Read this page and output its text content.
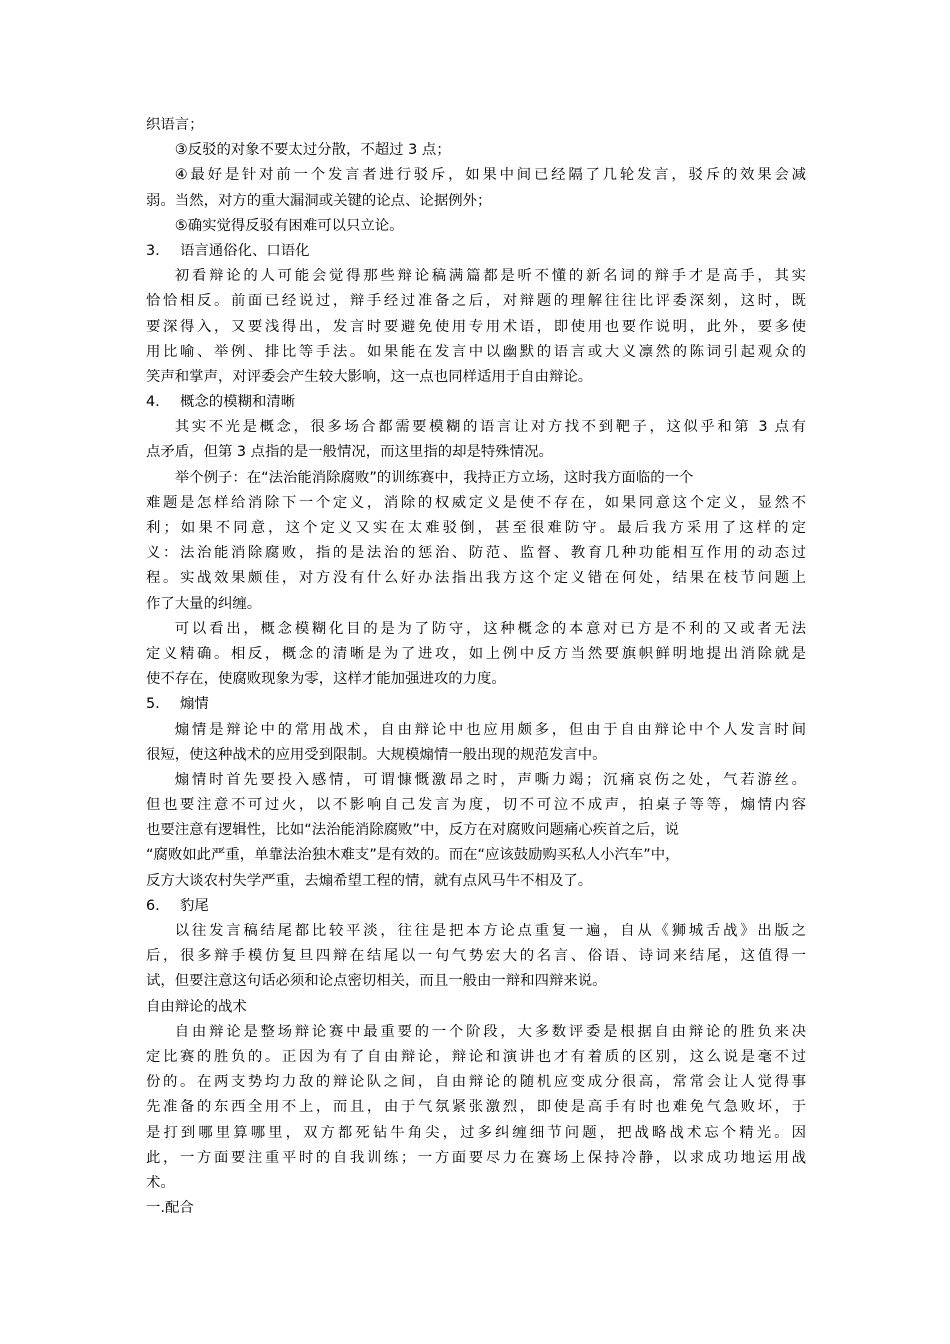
织语言；

③反驳的对象不要太过分散，不超过 3 点；

④最好是针对前一个发言者进行驳斥，如果中间已经隔了几轮发言，驳斥的效果会减

弱。当然，对方的重大漏洞或关键的论点、论据例外；

⑤确实觉得反驳有困难可以只立论。

3. 语言通俗化、口语化

初看辩论的人可能会觉得那些辩论稿满篇都是听不懂的新名词的辩手才是高手，其实

恰恰相反。前面已经说过，辩手经过准备之后，对辩题的理解往往比评委深刻，这时，既

要深得入，又要浅得出，发言时要避免使用专用术语，即使用也要作说明，此外，要多使

用比喻、举例、排比等手法。如果能在发言中以幽默的语言或大义凛然的陈词引起观众的

笑声和掌声，对评委会产生较大影响，这一点也同样适用于自由辩论。

4. 概念的模糊和清晰

其实不光是概念，很多场合都需要模糊的语言让对方找不到靶子，这似乎和第 3 点有

点矛盾，但第 3 点指的是一般情况，而这里指的却是特殊情况。

举个例子：在“法治能消除腐败”的训练赛中，我持正方立场，这时我方面临的一个

难题是怎样给消除下一个定义，消除的权威定义是使不存在，如果同意这个定义，显然不

利；如果不同意，这个定义又实在太难驳倒，甚至很难防守。最后我方采用了这样的定

义：法治能消除腐败，指的是法治的惩治、防范、监督、教育几种功能相互作用的动态过

程。实战效果颇佳，对方没有什么好办法指出我方这个定义错在何处，结果在枝节问题上

作了大量的纠缠。

可以看出，概念模糊化目的是为了防守，这种概念的本意对已方是不利的又或者无法

定义精确。相反，概念的清晰是为了进攻，如上例中反方当然要旗帜鲜明地提出消除就是

使不存在，使腐败现象为零，这样才能加强进攻的力度。

5. 煽情

煽情是辩论中的常用战术，自由辩论中也应用颇多，但由于自由辩论中个人发言时间

很短，使这种战术的应用受到限制。大规模煽情一般出现的规范发言中。

煽情时首先要投入感情，可谓慷慨激昂之时，声嘶力竭；沉痛哀伤之处，气若游丝。

但也要注意不可过火，以不影响自己发言为度，切不可泣不成声，拍桌子等等，煽情内容

也要注意有逻辑性，比如“法治能消除腐败”中，反方在对腐败问题痛心疾首之后，说

“腐败如此严重，单靠法治独木难支”是有效的。而在“应该鼓励购买私人小汽车”中，

反方大谈农村失学严重，去煽希望工程的情，就有点风马牛不相及了。

6. 豹尾

以往发言稿结尾都比较平淡，往往是把本方论点重复一遍，自从《狮城舌战》出版之

后，很多辩手模仿复旦四辩在结尾以一句气势宏大的名言、俗语、诗词来结尾，这值得一

试，但要注意这句话必须和论点密切相关，而且一般由一辩和四辩来说。

自由辩论的战术

自由辩论是整场辩论赛中最重要的一个阶段，大多数评委是根据自由辩论的胜负来决

定比赛的胜负的。正因为有了自由辩论，辩论和演讲也才有着质的区别，这么说是毫不过

份的。在两支势均力敌的辩论队之间，自由辩论的随机应变成分很高，常常会让人觉得事

先准备的东西全用不上，而且，由于气氛紧张激烈，即使是高手有时也难免气急败坏，于

是打到哪里算哪里，双方都死钻牛角尖，过多纠缠细节问题，把战略战术忘个精光。因

此，一方面要注重平时的自我训练；一方面要尽力在赛场上保持冷静，以求成功地运用战

术。

一.配合
